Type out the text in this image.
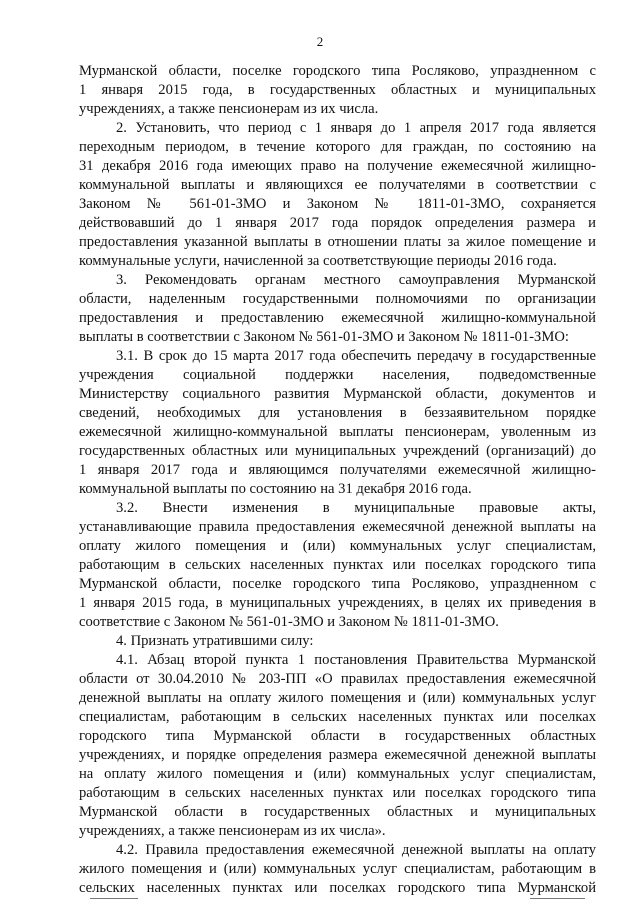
2
Мурманской области, поселке городского типа Росляково, упраздненном с
1 января 2015 года, в государственных областных и муниципальных
учреждениях, а также пенсионерам из их числа.
2. Установить, что период с 1 января до 1 апреля 2017 года является
переходным периодом, в течение которого для граждан, по состоянию на
31 декабря 2016 года имеющих право на получение ежемесячной жилищно-
коммунальной выплаты и являющихся ее получателями в соответствии с
Законом № 561-01-ЗМО и Законом № 1811-01-ЗМО, сохраняется
действовавший до 1 января 2017 года порядок определения размера и
предоставления указанной выплаты в отношении платы за жилое помещение и
коммунальные услуги, начисленной за соответствующие периоды 2016 года.
3. Рекомендовать органам местного самоуправления Мурманской
области, наделенным государственными полномочиями по организации
предоставления и предоставлению ежемесячной жилищно-коммунальной
выплаты в соответствии с Законом № 561-01-ЗМО и Законом № 1811-01-ЗМО:
3.1. В срок до 15 марта 2017 года обеспечить передачу в государственные
учреждения социальной поддержки населения, подведомственные
Министерству социального развития Мурманской области, документов и
сведений, необходимых для установления в беззаявительном порядке
ежемесячной жилищно-коммунальной выплаты пенсионерам, уволенным из
государственных областных или муниципальных учреждений (организаций) до
1 января 2017 года и являющимся получателями ежемесячной жилищно-
коммунальной выплаты по состоянию на 31 декабря 2016 года.
3.2. Внести изменения в муниципальные правовые акты,
устанавливающие правила предоставления ежемесячной денежной выплаты на
оплату жилого помещения и (или) коммунальных услуг специалистам,
работающим в сельских населенных пунктах или поселках городского типа
Мурманской области, поселке городского типа Росляково, упраздненном с
1 января 2015 года, в муниципальных учреждениях, в целях их приведения в
соответствие с Законом № 561-01-ЗМО и Законом № 1811-01-ЗМО.
4. Признать утратившими силу:
4.1. Абзац второй пункта 1 постановления Правительства Мурманской
области от 30.04.2010 № 203-ПП «О правилах предоставления ежемесячной
денежной выплаты на оплату жилого помещения и (или) коммунальных услуг
специалистам, работающим в сельских населенных пунктах или поселках
городского типа Мурманской области в государственных областных
учреждениях, и порядке определения размера ежемесячной денежной выплаты
на оплату жилого помещения и (или) коммунальных услуг специалистам,
работающим в сельских населенных пунктах или поселках городского типа
Мурманской области в государственных областных и муниципальных
учреждениях, а также пенсионерам из их числа».
4.2. Правила предоставления ежемесячной денежной выплаты на оплату
жилого помещения и (или) коммунальных услуг специалистам, работающим в
сельских населенных пунктах или поселках городского типа Мурманской
